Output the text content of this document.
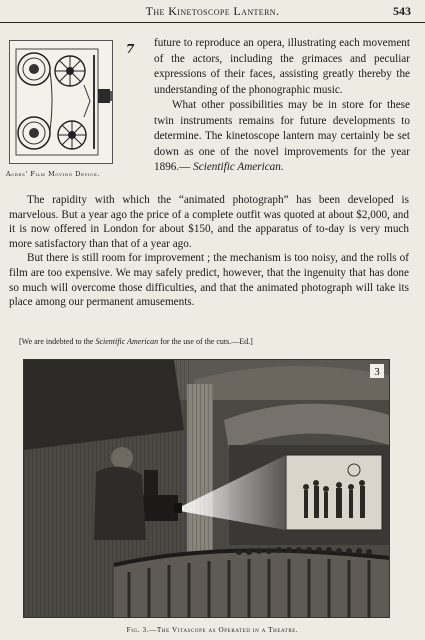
The Kinetoscope Lantern.	543
7
Acres' Film Moving Device.

future to reproduce an opera, illustrating each movement of the actors, including the grimaces and peculiar expressions of their faces, assisting greatly thereby the understanding of the phonographic music.

What other possibilities may be in store for these twin instruments remains for future developments to determine. The kinetoscope lantern may certainly be set down as one of the novel improvements for the year 1896.— Scientific American.

The rapidity with which the “animated photograph” has been developed is marvelous. But a year ago the price of a complete outfit was quoted at about $2,000, and it is now offered in London for about $150, and the apparatus of to-day is very much more satisfactory than that of a year ago.

But there is still room for improvement ; the mechanism is too noisy, and the rolls of film are too expensive. We may safely predict, however, that the ingenuity that has done so much will overcome those difficulties, and that the animated photograph will take its place among our permanent amusements.

[We are indebted to the Scientific American for the use of the cuts.—Ed.]
3
Fig. 3.—The Vitascope as Operated in a Theatre.
